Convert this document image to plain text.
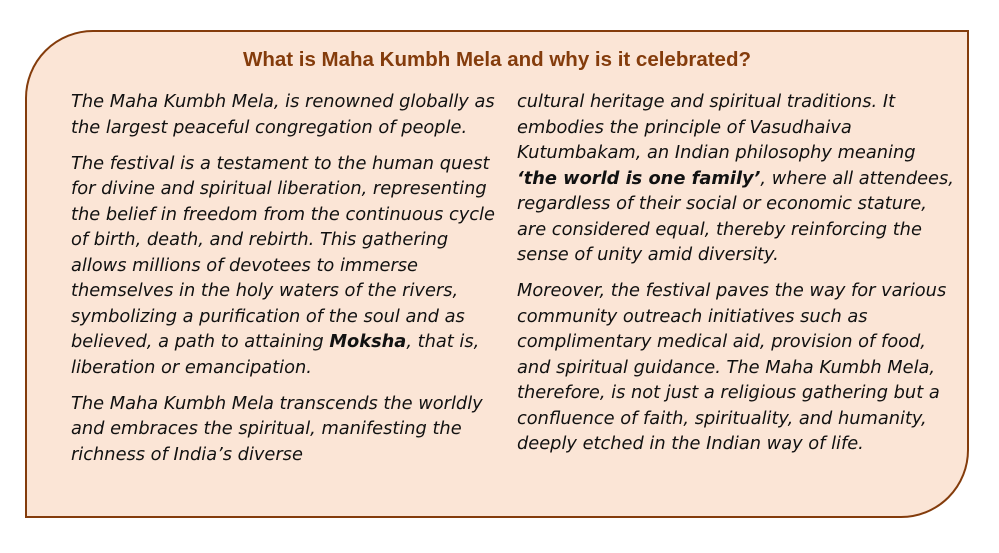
What is Maha Kumbh Mela and why is it celebrated?

The Maha Kumbh Mela, is renowned globally as the largest peaceful congregation of people.

The festival is a testament to the human quest for divine and spiritual liberation, representing the belief in freedom from the continuous cycle of birth, death, and rebirth. This gathering allows millions of devotees to immerse themselves in the holy waters of the rivers, symbolizing a purification of the soul and as believed, a path to attaining Moksha, that is, liberation or emancipation.

The Maha Kumbh Mela transcends the worldly and embraces the spiritual, manifesting the richness of India’s diverse

cultural heritage and spiritual traditions. It embodies the principle of Vasudhaiva Kutumbakam, an Indian philosophy meaning ‘the world is one family’, where all attendees, regardless of their social or economic stature, are considered equal, thereby reinforcing the sense of unity amid diversity.

Moreover, the festival paves the way for various community outreach initiatives such as complimentary medical aid, provision of food, and spiritual guidance. The Maha Kumbh Mela, therefore, is not just a religious gathering but a confluence of faith, spirituality, and humanity, deeply etched in the Indian way of life.
